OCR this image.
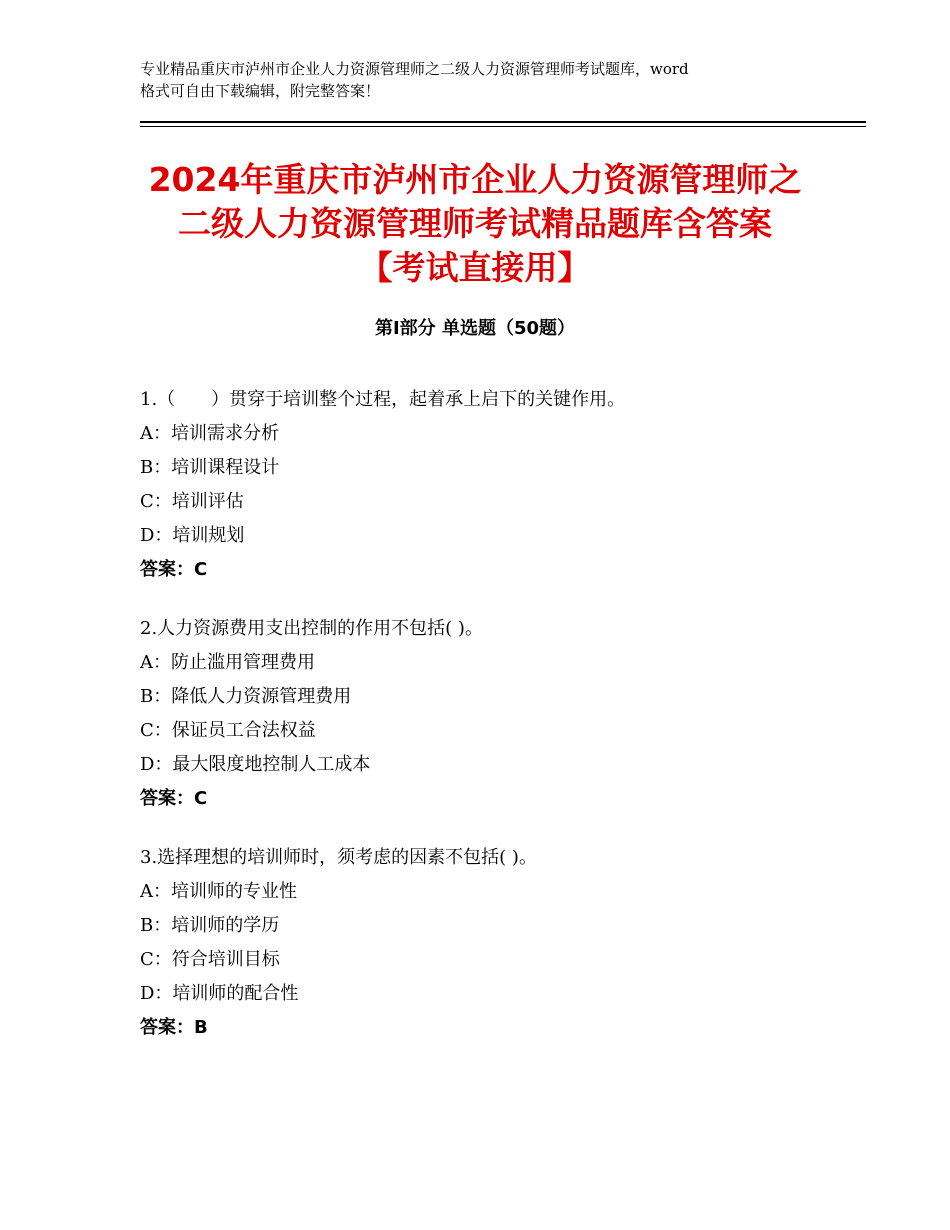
专业精品重庆市泸州市企业人力资源管理师之二级人力资源管理师考试题库，word
格式可自由下载编辑，附完整答案！
2024年重庆市泸州市企业人力资源管理师之
二级人力资源管理师考试精品题库含答案
【考试直接用】
第Ⅰ部分 单选题（50题）
1.（　　）贯穿于培训整个过程，起着承上启下的关键作用。
A：培训需求分析
B：培训课程设计
C：培训评估
D：培训规划
答案：C
2.人力资源费用支出控制的作用不包括( )。
A：防止滥用管理费用
B：降低人力资源管理费用
C：保证员工合法权益
D：最大限度地控制人工成本
答案：C
3.选择理想的培训师时，须考虑的因素不包括( )。
A：培训师的专业性
B：培训师的学历
C：符合培训目标
D：培训师的配合性
答案：B
